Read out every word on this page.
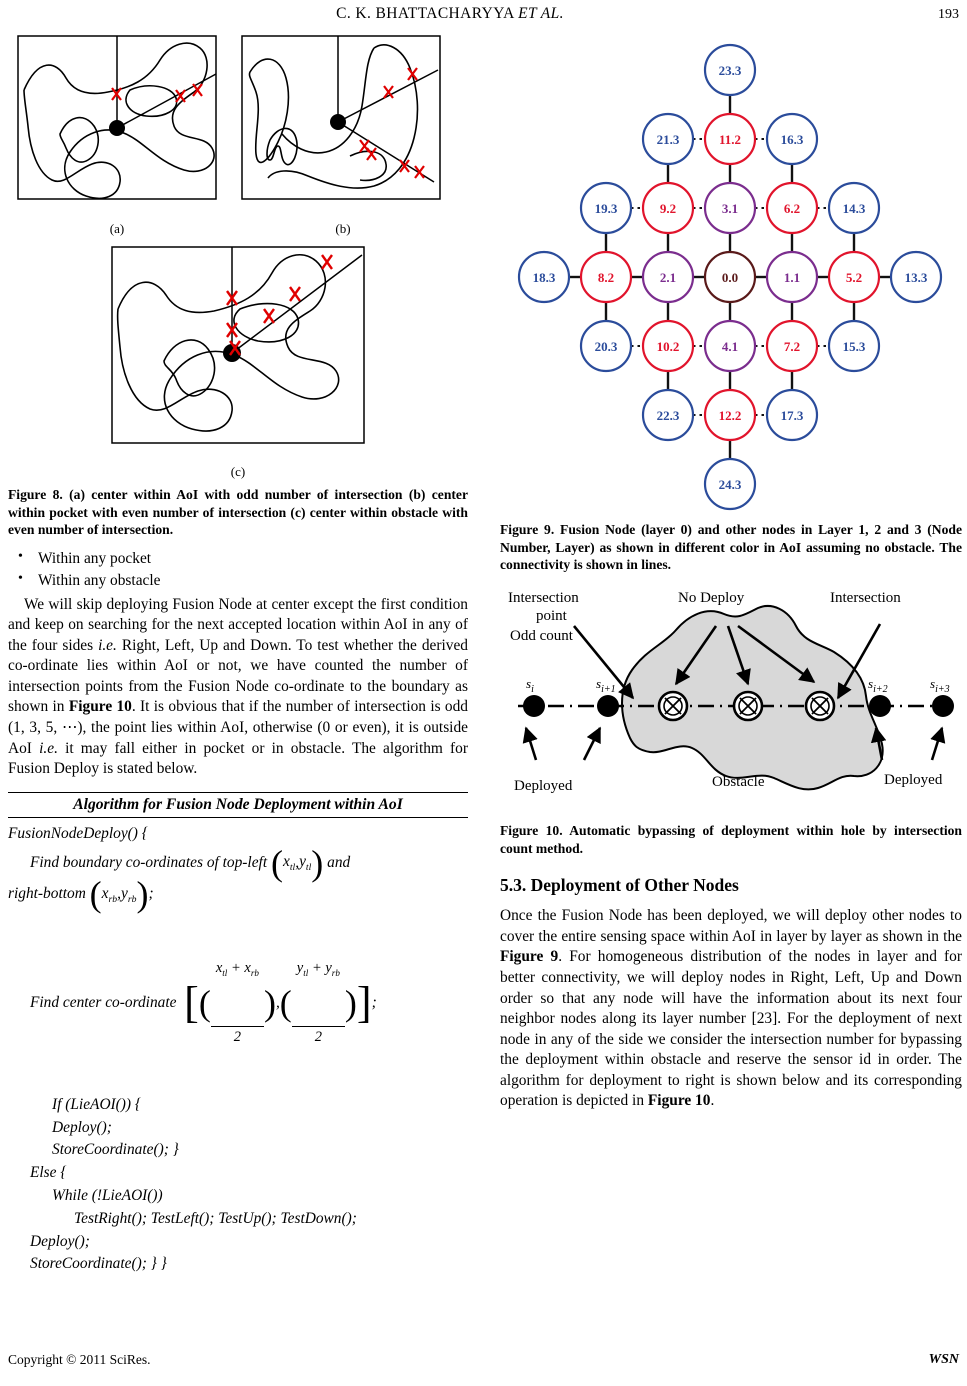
C. K. BHATTACHARYYA ET AL.	193
(a)	(b)
(c)
Figure 8. (a) center within AoI with odd number of intersection (b) center within pocket with even number of intersection (c) center within obstacle with even number of intersection.
• Within any pocket
• Within any obstacle

We will skip deploying Fusion Node at center except the first condition and keep on searching for the next accepted location within AoI in any of the four sides i.e. Right, Left, Up and Down. To test whether the derived co-ordinate lies within AoI or not, we have counted the number of intersection points from the Fusion Node co-ordinate to the boundary as shown in Figure 10. It is obvious that if the number of intersection is odd (1, 3, 5, ⋯), the point lies within AoI, otherwise (0 or even), it is outside AoI i.e. it may fall either in pocket or in obstacle. The algorithm for Fusion Deploy is stated below.

Algorithm for Fusion Node Deployment within AoI
FusionNodeDeploy() {
Find boundary co-ordinates of top-left
( $x_{tl}$ , $y_{tl}$ )
and
right-bottom
( $x_{rb}$ , $y_{rb}$ ) ;
Find center co-ordinate
[ (

$\frac{x_{tl} + x_{rb}}{2}$

) , (

$\frac{y_{tl} + y_{rb}}{2}$

) ] ;
If (LieAOI()) {
Deploy();
StoreCoordinate(); }
Else {
While (!LieAOI())
TestRight(); TestLeft(); TestUp(); TestDown();
Deploy();
StoreCoordinate(); } }
23.3
21.3	11.2	16.3
19.3	9.2	3.1	6.2	14.3
18.3	8.2	2.1	0.0	1.1	5.2	13.3
20.3	10.2	4.1	7.2	15.3
22.3	12.2	17.3
24.3
Figure 9. Fusion Node (layer 0) and other nodes in Layer 1, 2 and 3 (Node Number, Layer) as shown in different color in AoI assuming no obstacle. The connectivity is shown in lines.
Intersection
point
Odd count
No Deploy	Intersection
Deployed	Deployed
Obstacle
$s_i$	$s_{i+1}$	$s_{i+2}$	$s_{i+3}$
Figure 10. Automatic bypassing of deployment within hole by intersection count method.
5.3. Deployment of Other Nodes

Once the Fusion Node has been deployed, we will deploy other nodes to cover the entire sensing space within AoI in layer by layer as shown in the Figure 9. For homogeneous distribution of the nodes in layer and for better connectivity, we will deploy nodes in Right, Left, Up and Down order so that any node will have the information about its next four neighbor nodes along its layer number [23]. For the deployment of next node in any of the side we consider the intersection number for bypassing the deployment within obstacle and reserve the sensor id in order. The algorithm for deployment to right is shown below and its corresponding operation is depicted in Figure 10.

Copyright © 2011 SciRes.	WSN
